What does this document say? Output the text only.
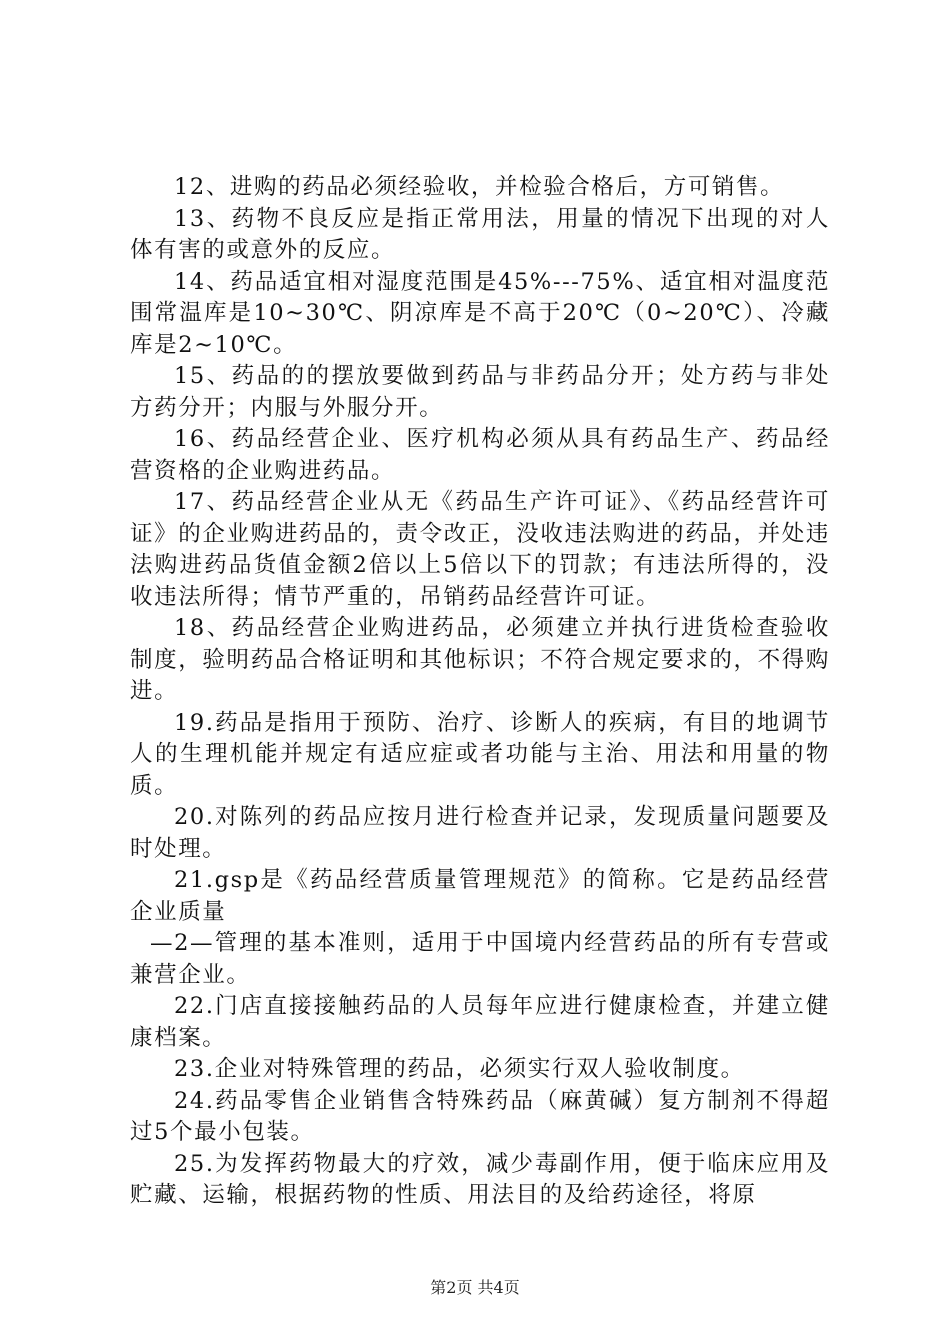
12、进购的药品必须经验收，并检验合格后，方可销售。

13、药物不良反应是指正常用法，用量的情况下出现的对人体有害的或意外的反应。

14、药品适宜相对湿度范围是45%---75%、适宜相对温度范围常温库是10~30℃、阴凉库是不高于20℃（0~20℃）、冷藏库是2~10℃。

15、药品的的摆放要做到药品与非药品分开；处方药与非处方药分开；内服与外服分开。

16、药品经营企业、医疗机构必须从具有药品生产、药品经营资格的企业购进药品。

17、药品经营企业从无《药品生产许可证》、《药品经营许可证》的企业购进药品的，责令改正，没收违法购进的药品，并处违法购进药品货值金额2倍以上5倍以下的罚款；有违法所得的，没收违法所得；情节严重的，吊销药品经营许可证。

18、药品经营企业购进药品，必须建立并执行进货检查验收制度，验明药品合格证明和其他标识；不符合规定要求的，不得购进。

19.药品是指用于预防、治疗、诊断人的疾病，有目的地调节人的生理机能并规定有适应症或者功能与主治、用法和用量的物质。

20.对陈列的药品应按月进行检查并记录，发现质量问题要及时处理。

21.gsp是《药品经营质量管理规范》的简称。它是药品经营企业质量

—2—管理的基本准则，适用于中国境内经营药品的所有专营或兼营企业。

22.门店直接接触药品的人员每年应进行健康检查，并建立健康档案。

23.企业对特殊管理的药品，必须实行双人验收制度。

24.药品零售企业销售含特殊药品（麻黄碱）复方制剂不得超过5个最小包装。

25.为发挥药物最大的疗效，减少毒副作用，便于临床应用及贮藏、运输，根据药物的性质、用法目的及给药途径，将原

第2页 共4页
